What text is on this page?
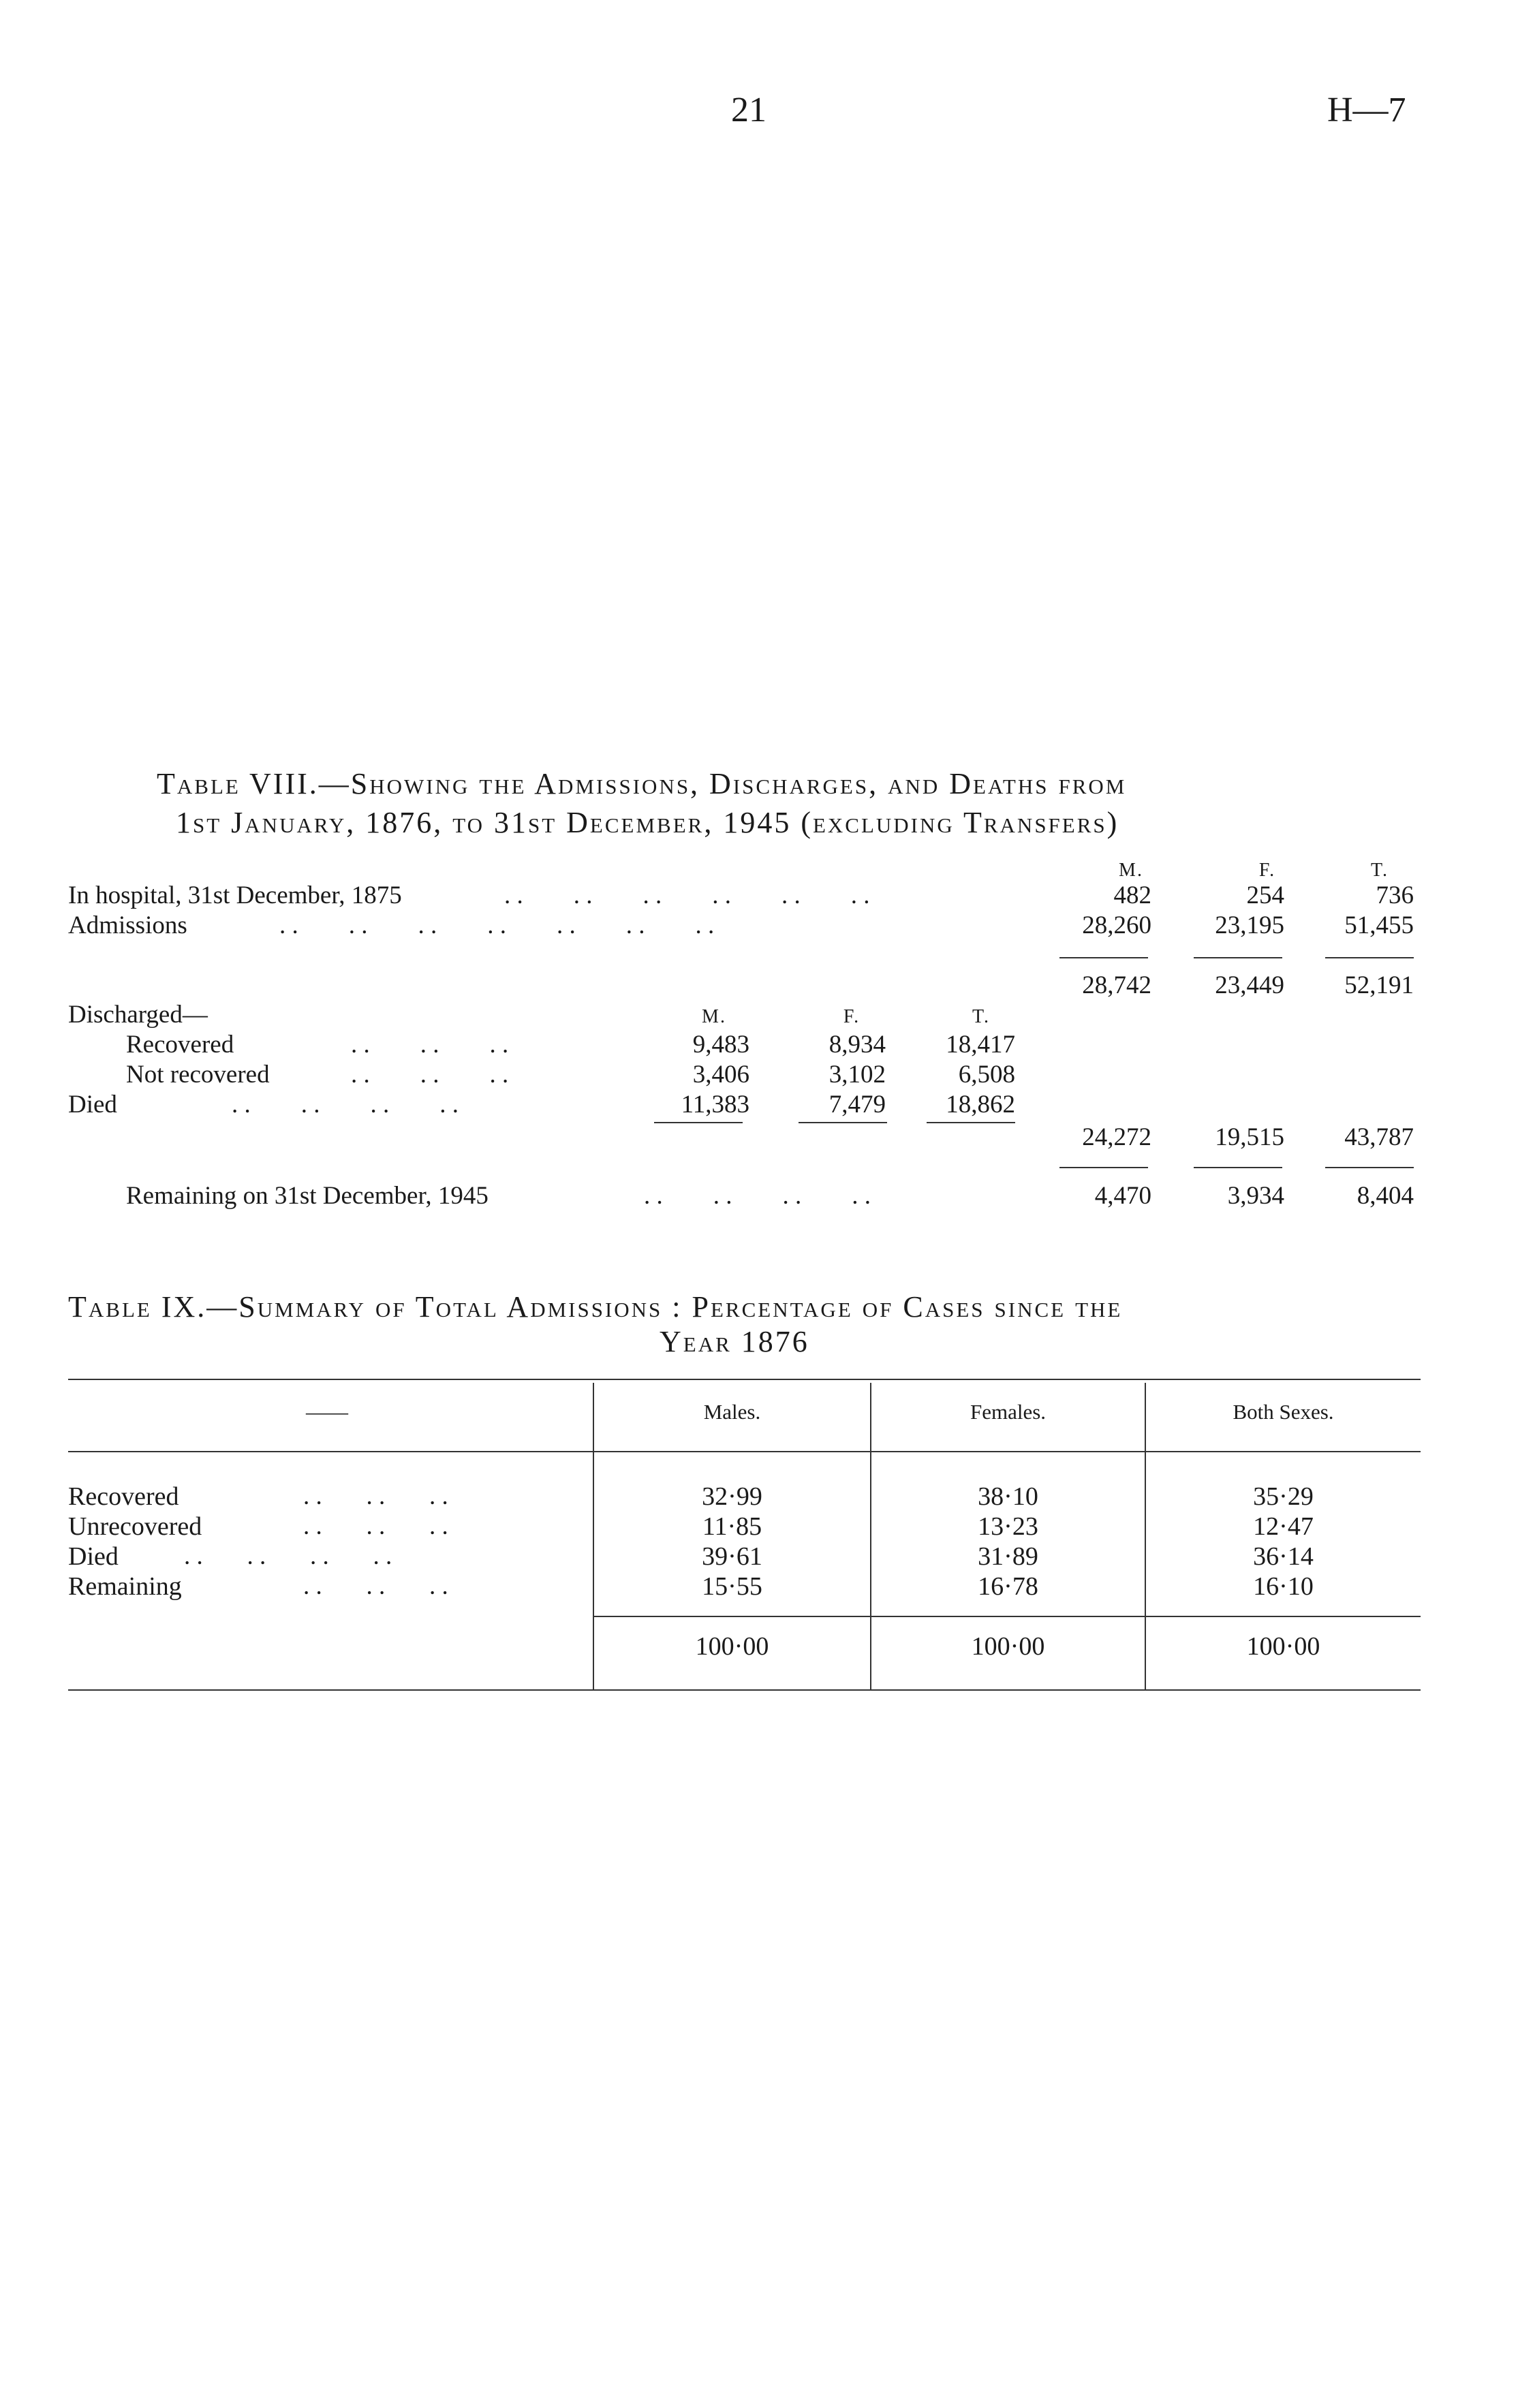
21	H—7
Table VIII.—Showing the Admissions, Discharges, and Deaths from
1st January, 1876, to 31st December, 1945 (excluding Transfers)
M.	F.	T.
In hospital, 31st December, 1875	. .        . .        . .        . .        . .        . .	482	254	736
Admissions	. .        . .        . .        . .        . .        . .        . .	28,260	23,195	51,455
28,742	23,449	52,191
Discharged—	M.	F.	T.
Recovered	. .        . .        . .	9,483	8,934	18,417
Not recovered	. .        . .        . .	3,406	3,102	6,508
Died	. .        . .        . .        . .	11,383	7,479	18,862
24,272	19,515	43,787
Remaining on 31st December, 1945	. .        . .        . .        . .	4,470	3,934	8,404
Table IX.—Summary of Total Admissions : Percentage of Cases since the
Year 1876
——	Males.	Females.	Both Sexes.
Recovered	. .       . .       . .	32·99	38·10	35·29
Unrecovered	. .       . .       . .	11·85	13·23	12·47
Died	. .       . .       . .       . .	39·61	31·89	36·14
Remaining	. .       . .       . .	15·55	16·78	16·10
100·00	100·00	100·00
